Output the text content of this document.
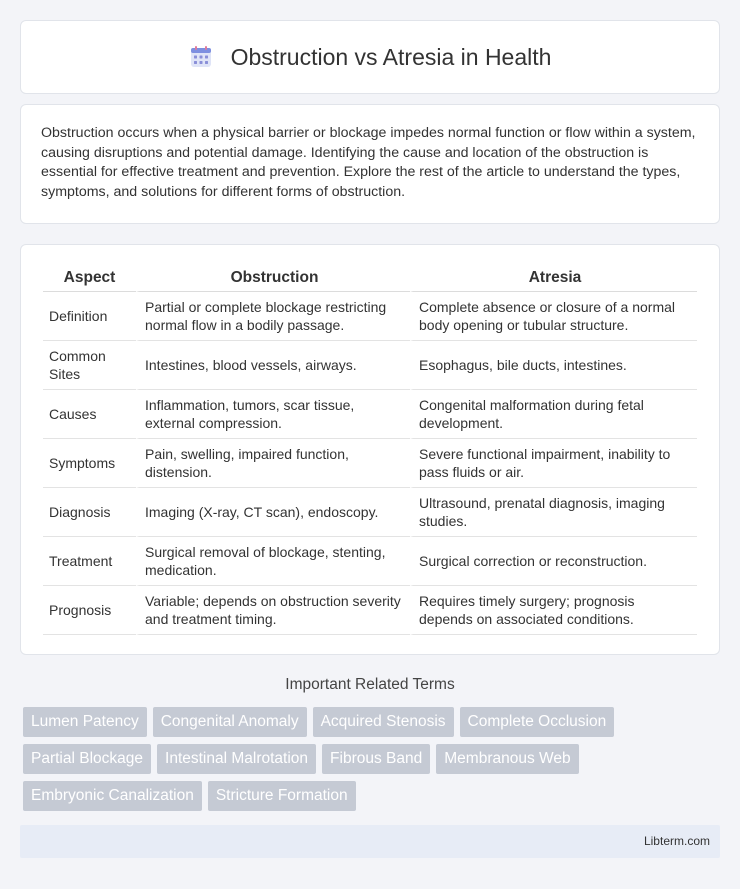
Obstruction vs Atresia in Health

Obstruction occurs when a physical barrier or blockage impedes normal function or flow within a system, causing disruptions and potential damage. Identifying the cause and location of the obstruction is essential for effective treatment and prevention. Explore the rest of the article to understand the types, symptoms, and solutions for different forms of obstruction.

Aspect	Obstruction	Atresia
Definition	Partial or complete blockage restricting normal flow in a bodily passage.	Complete absence or closure of a normal body opening or tubular structure.
Common Sites	Intestines, blood vessels, airways.	Esophagus, bile ducts, intestines.
Causes	Inflammation, tumors, scar tissue, external compression.	Congenital malformation during fetal development.
Symptoms	Pain, swelling, impaired function, distension.	Severe functional impairment, inability to pass fluids or air.
Diagnosis	Imaging (X-ray, CT scan), endoscopy.	Ultrasound, prenatal diagnosis, imaging studies.
Treatment	Surgical removal of blockage, stenting, medication.	Surgical correction or reconstruction.
Prognosis	Variable; depends on obstruction severity and treatment timing.	Requires timely surgery; prognosis depends on associated conditions.
Important Related Terms
Lumen Patency	Congenital Anomaly	Acquired Stenosis	Complete Occlusion
Partial Blockage	Intestinal Malrotation	Fibrous Band	Membranous Web
Embryonic Canalization	Stricture Formation
Libterm.com
